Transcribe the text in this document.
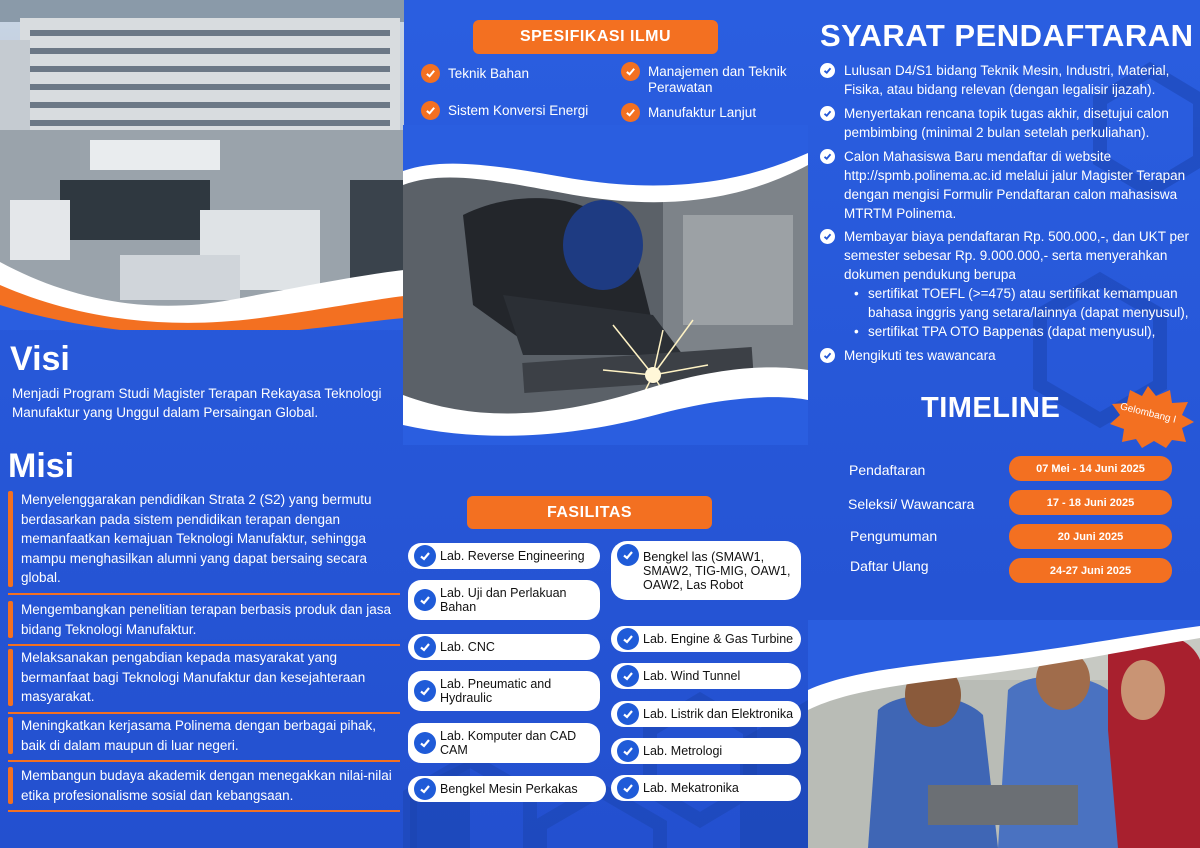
Visi
Menjadi Program Studi Magister Terapan Rekayasa Teknologi Manufaktur yang Unggul dalam Persaingan Global.
Misi
Menyelenggarakan pendidikan Strata 2 (S2) yang bermutu berdasarkan pada sistem pendidikan terapan dengan memanfaatkan kemajuan Teknologi Manufaktur, sehingga mampu menghasilkan alumni yang dapat bersaing secara global.
Mengembangkan penelitian terapan berbasis produk dan jasa bidang Teknologi Manufaktur.
Melaksanakan pengabdian kepada masyarakat yang bermanfaat bagi Teknologi Manufaktur dan kesejahteraan masyarakat.
Meningkatkan kerjasama Polinema dengan berbagai pihak, baik di dalam maupun di luar negeri.
Membangun budaya akademik dengan menegakkan nilai-nilai etika profesionalisme sosial dan kebangsaan.
SPESIFIKASI ILMU
Teknik Bahan	Manajemen dan Teknik Perawatan
Sistem Konversi Energi	Manufaktur Lanjut
FASILITAS
Lab. Reverse Engineering
Lab. Uji dan Perlakuan Bahan
Lab. CNC
Lab. Pneumatic and Hydraulic
Lab. Komputer dan CAD CAM
Bengkel Mesin Perkakas
Bengkel las (SMAW1, SMAW2, TIG-MIG, OAW1, OAW2, Las Robot
Lab. Engine & Gas Turbine
Lab. Wind Tunnel
Lab. Listrik dan Elektronika
Lab. Metrologi
Lab. Mekatronika
SYARAT PENDAFTARAN
Lulusan D4/S1 bidang Teknik Mesin, Industri, Material, Fisika, atau bidang relevan (dengan legalisir ijazah).
Menyertakan rencana topik tugas akhir, disetujui calon pembimbing (minimal 2 bulan setelah perkuliahan).
Calon Mahasiswa Baru mendaftar di website http://spmb.polinema.ac.id melalui jalur Magister Terapan dengan mengisi Formulir Pendaftaran calon mahasiswa MTRTM Polinema.
Membayar biaya pendaftaran Rp. 500.000,-, dan UKT per semester sebesar Rp. 9.000.000,- serta menyerahkan dokumen pendukung berupa
• sertifikat TOEFL (>=475) atau sertifikat kemampuan bahasa inggris yang setara/lainnya (dapat menyusul),
• sertifikat TPA OTO Bappenas (dapat menyusul),
Mengikuti tes wawancara
TIMELINE	Gelombang I
Pendaftaran	07 Mei - 14 Juni 2025
Seleksi/ Wawancara	17 - 18 Juni 2025
Pengumuman	20 Juni 2025
Daftar Ulang	24-27 Juni 2025
